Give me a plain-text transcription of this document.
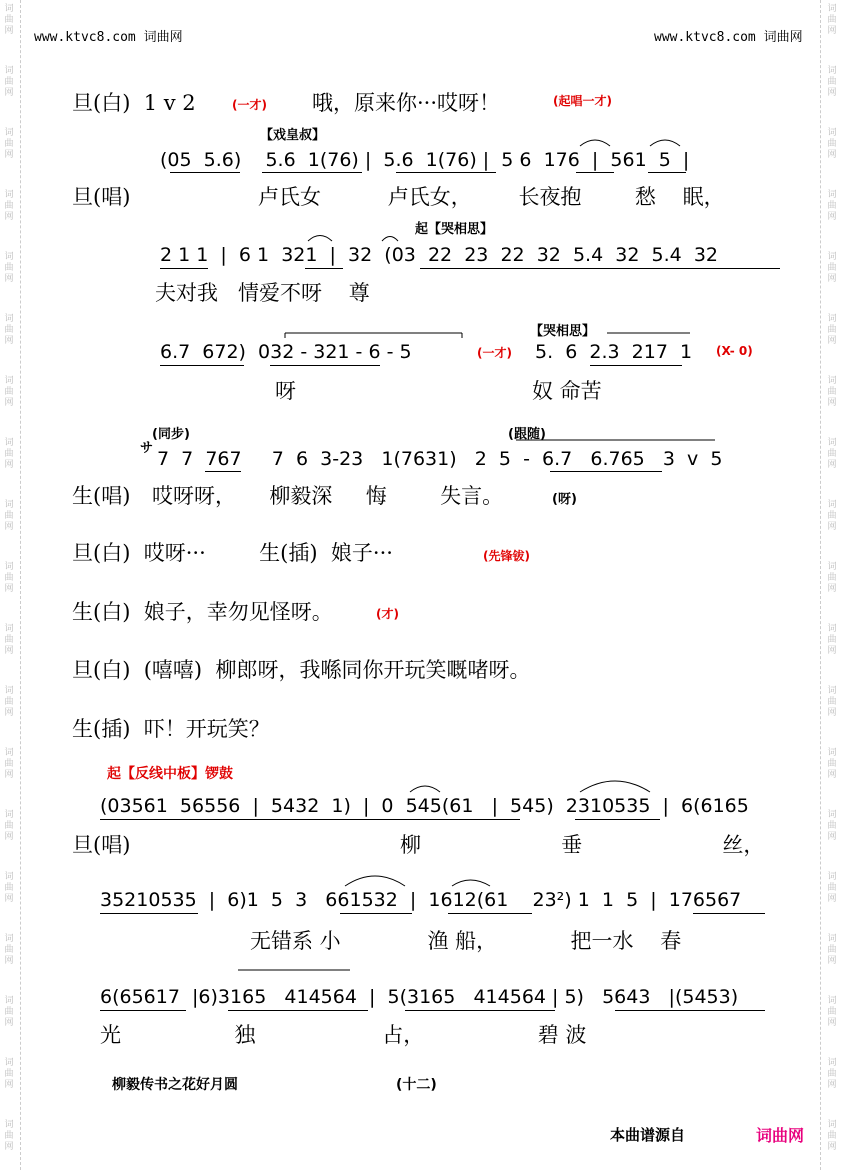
词
曲
网
词
曲
网
词
曲
网
词
曲
网
词
曲
网
词
曲
网
词
曲
网
词
曲
网
词
曲
网
词
曲
网
词
曲
网
词
曲
网
词
曲
网
词
曲
网
词
曲
网
词
曲
网
词
曲
网
词
曲
网
词
曲
网
词
曲
网
词
曲
网
词
曲
网
词
曲
网
词
曲
网
词
曲
网
词
曲
网
词
曲
网
词
曲
网
词
曲
网
词
曲
网
词
曲
网
词
曲
网
词
曲
网
词
曲
网
词
曲
网
词
曲
网
词
曲
网
词
曲
网
www.ktvc8.com 词曲网	www.ktvc8.com 词曲网
旦(白)  1 v 2	(一才) 哦，原来你···哎呀！	(起唱一才)
【戏皇叔】
(05  5.6)    5.6  1(76) |  5.6  1(76) |  5 6  176  |  561  5  |
旦(唱)	卢氏女          卢氏女，       长夜抱        愁    眠，
起【哭相思】
2 1 1  |  6 1  321  |  32  (03  22  23  22  32  5.4  32  5.4  32
夫对我   情爱不呀    尊
【哭相思】
6.7  672)  032 - 321 - 6 - 5	(一才) 5.  6  2.3  217  1 (X- 0)
呀	奴 命苦
(同步)	(跟随)
サ 7  7  767     7  6  3-23   1(7631)   2  5  -  6.7   6.765   3  v  5
生(唱) 哎呀呀，     柳毅深     悔        失言。	(呀)
旦(白)  哎呀···        生(插)  娘子···	(先锋钹)
生(白)  娘子，幸勿见怪呀。	(才)
旦(白)  (嘻嘻)  柳郎呀，我喺同你开玩笑嘅啫呀。
生(插)  吓！开玩笑？
起【反线中板】锣鼓
(03561  56556  |  5432  1)  |  0  545(61   |  545)  2310535  |  6(6165
旦(唱)	柳                     垂                     丝，
35210535  |  6)1  5  3   661532  |  1612(61    23²) 1  1  5  |  176567
无错系 小             渔 船，           把一水    春
6(65617  |6)3165   414564  |  5(3165   414564 | 5)   5643   |(5453)
光                 独                   占，                 碧 波
柳毅传书之花好月圆	(十二)
本曲谱源自	词曲网
